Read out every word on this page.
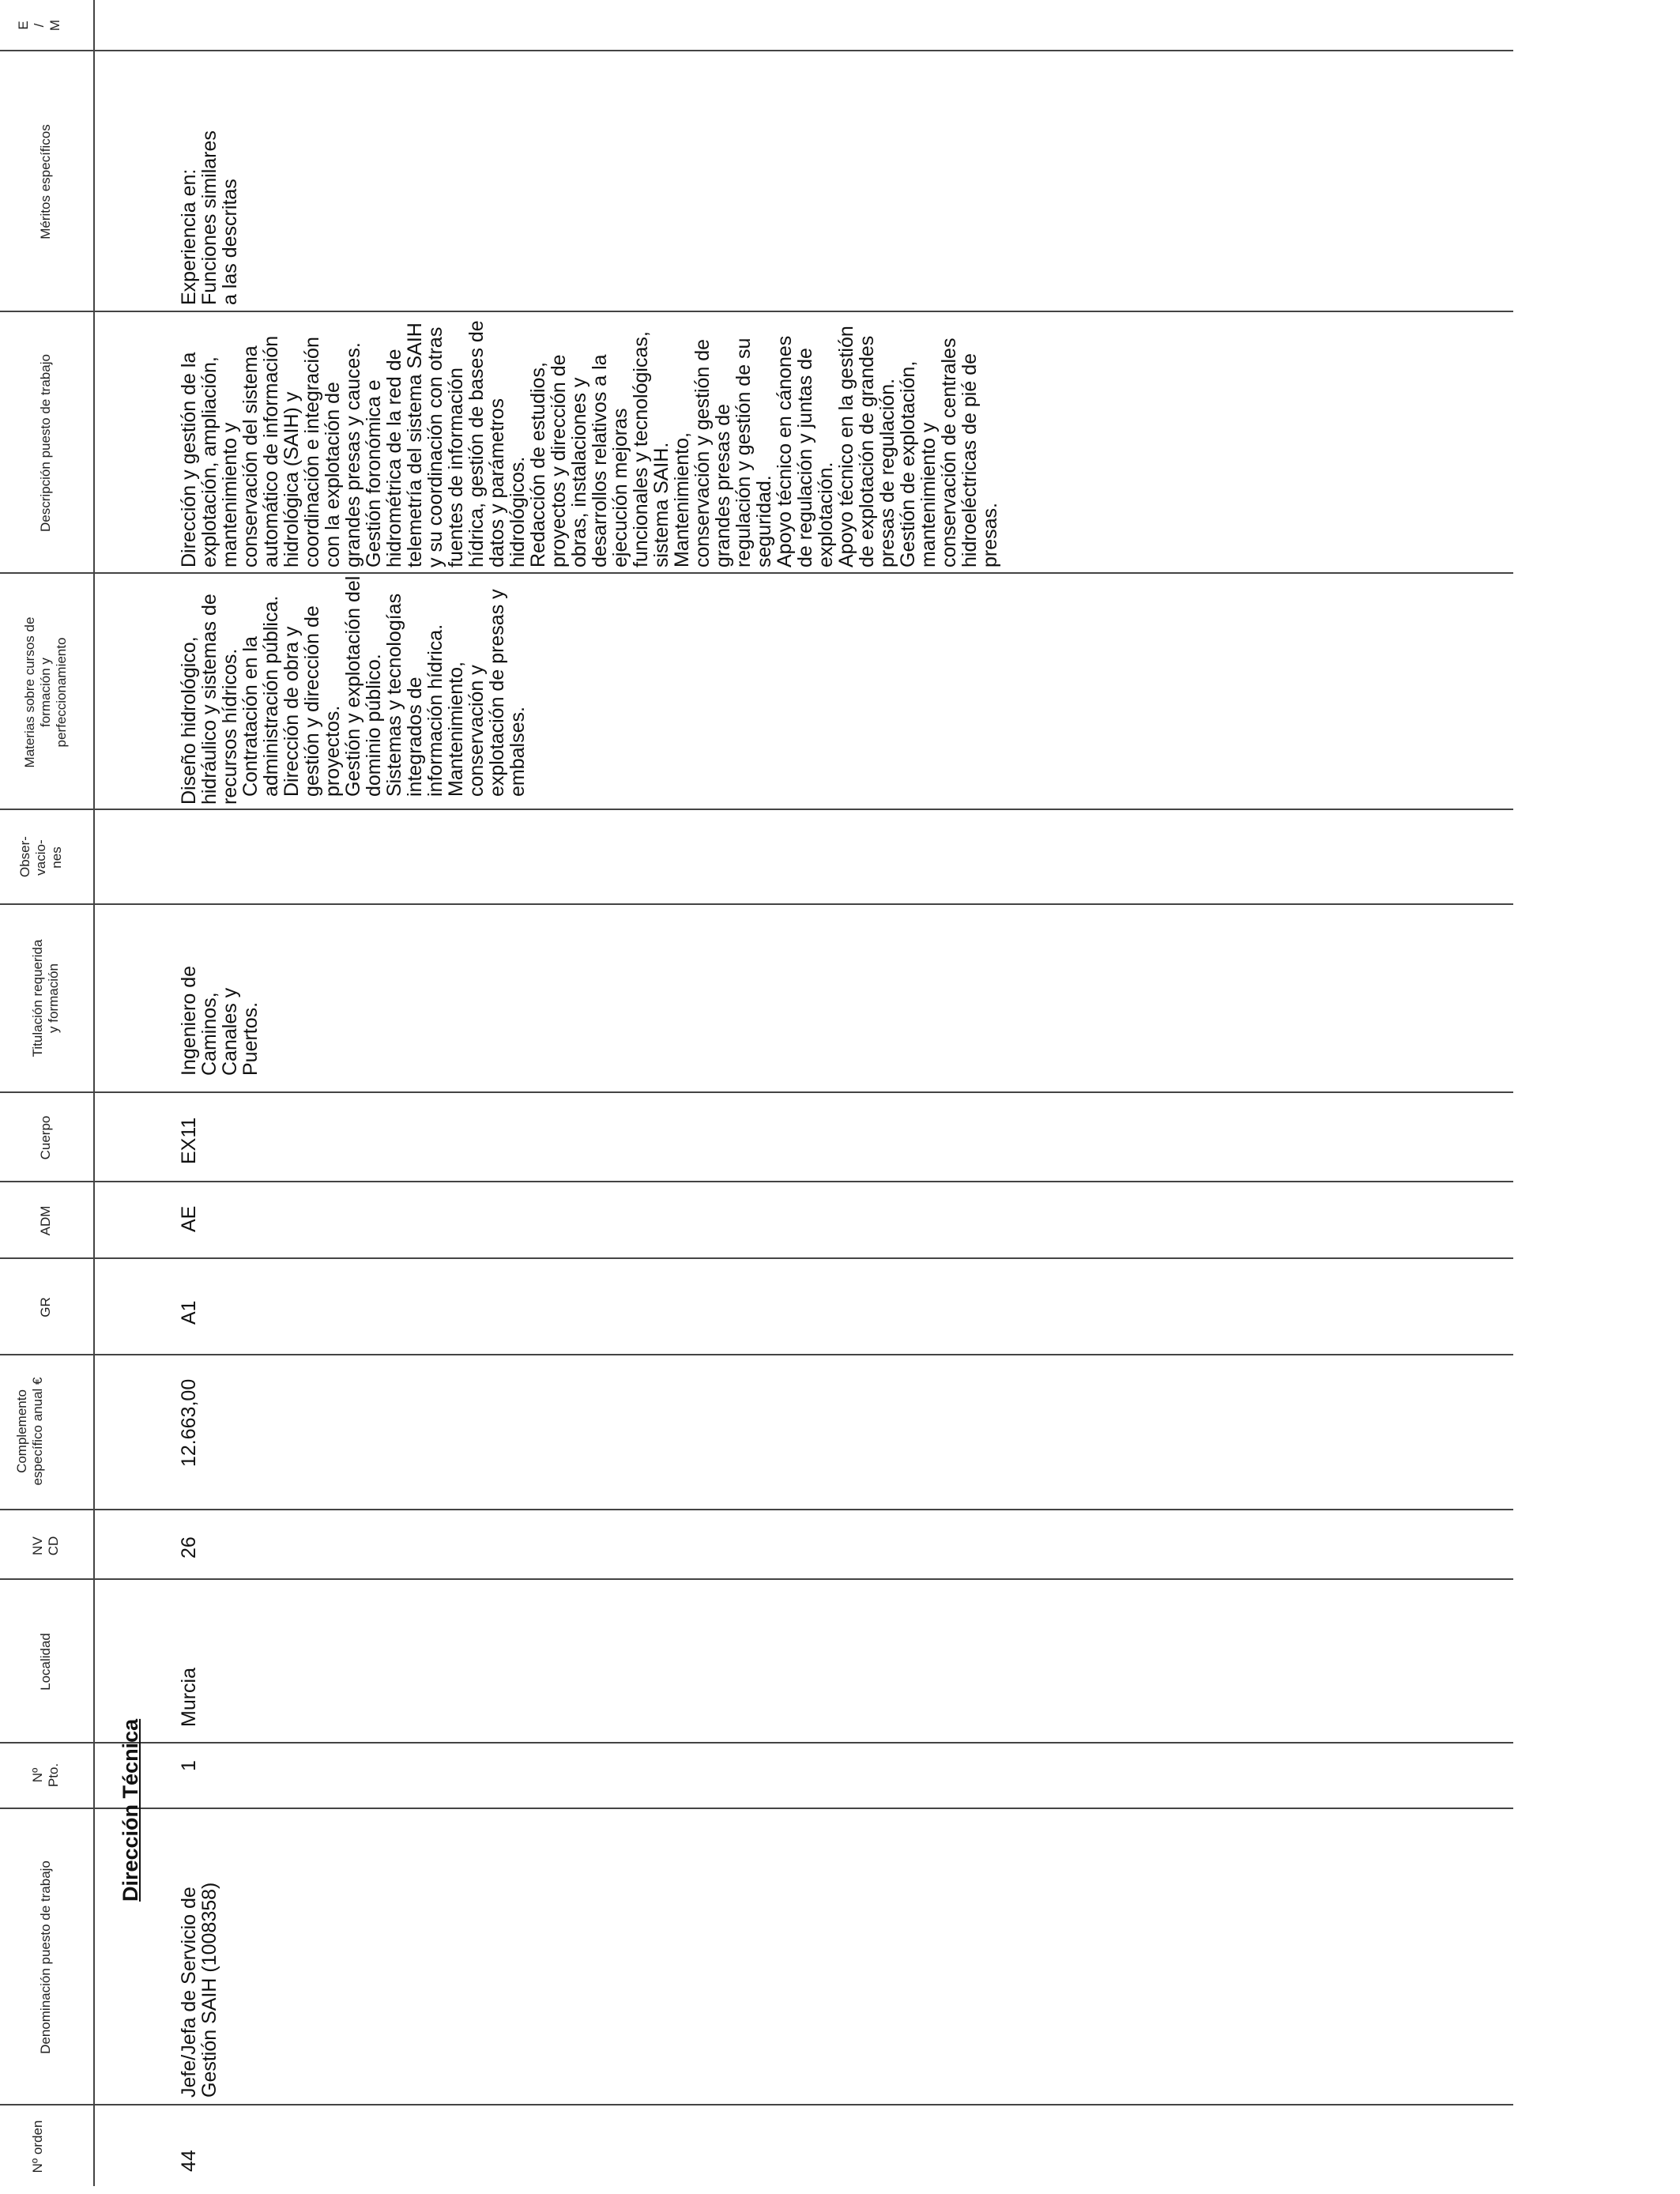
Nº orden
Denominación puesto de trabajo
Nº Pto.
Localidad
NV CD
Complemento específico anual €
GR
ADM
Cuerpo
Titulación requerida y formación
Obser- vacio- nes
Materias sobre cursos de formación y perfeccionamiento
Descripción puesto de trabajo
Méritos específicos
E / M
Dirección Técnica
44
Jefe/Jefa de Servicio de Gestión SAIH (1008358)
1
Murcia
26
12.663,00
A1
AE
EX11
Ingeniero de Caminos, Canales y Puertos.

Diseño hidrológico, hidráulico y sistemas de recursos hídricos.

Contratación en la administración pública.

Dirección de obra y gestión y dirección de proyectos.

Gestión y explotación del dominio público.

Sistemas y tecnologías integrados de información hídrica.

Mantenimiento, conservación y explotación de presas y embalses.

Dirección y gestión de la explotación, ampliación, mantenimiento y conservación del sistema automático de información hidrológica (SAIH) y coordinación e integración con la explotación de grandes presas y cauces.

Gestión foronómica e hidrométrica de la red de telemetría del sistema SAIH y su coordinación con otras fuentes de información hídrica, gestión de bases de datos y parámetros hidrológicos.

Redacción de estudios, proyectos y dirección de obras, instalaciones y desarrollos relativos a la ejecución mejoras funcionales y tecnológicas, sistema SAIH.

Mantenimiento, conservación y gestión de grandes presas de regulación y gestión de su seguridad.

Apoyo técnico en cánones de regulación y juntas de explotación.

Apoyo técnico en la gestión de explotación de grandes presas de regulación.

Gestión de explotación, mantenimiento y conservación de centrales hidroeléctricas de pié de presas.

Experiencia en: Funciones similares a las descritas
